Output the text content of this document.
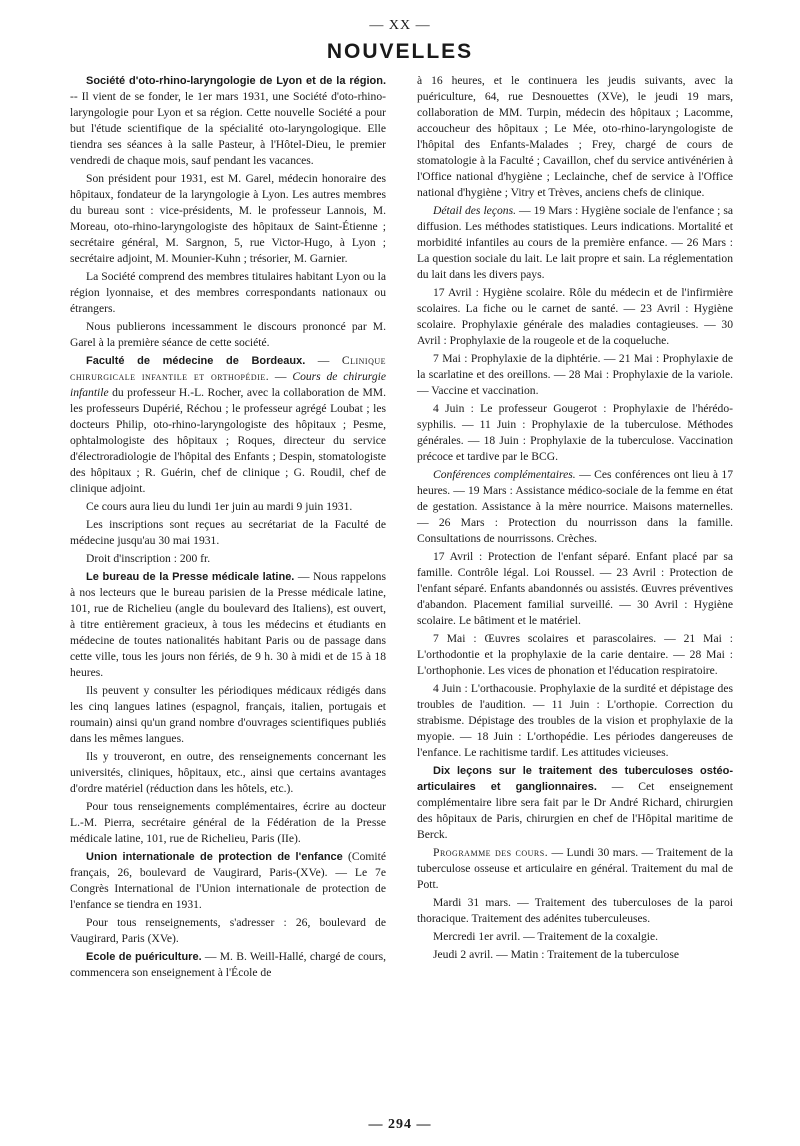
— XX —
NOUVELLES

Société d'oto-rhino-laryngologie de Lyon et de la région. -- Il vient de se fonder, le 1er mars 1931, une Société d'oto-rhino-laryngologie pour Lyon et sa région. Cette nouvelle Société a pour but l'étude scientifique de la spécialité oto-laryngologique. Elle tiendra ses séances à la salle Pasteur, à l'Hôtel-Dieu, le premier vendredi de chaque mois, sauf pendant les vacances.

Son président pour 1931, est M. Garel, médecin honoraire des hôpitaux, fondateur de la laryngologie à Lyon. Les autres membres du bureau sont : vice-présidents, M. le professeur Lannois, M. Moreau, oto-rhino-laryngologiste des hôpitaux de Saint-Étienne ; secrétaire général, M. Sargnon, 5, rue Victor-Hugo, à Lyon ; secrétaire adjoint, M. Mounier-Kuhn ; trésorier, M. Garnier.

La Société comprend des membres titulaires habitant Lyon ou la région lyonnaise, et des membres correspondants nationaux ou étrangers.

Nous publierons incessamment le discours prononcé par M. Garel à la première séance de cette société.

Faculté de médecine de Bordeaux. — Clinique chirurgicale infantile et orthopédie. — Cours de chirurgie infantile du professeur H.-L. Rocher, avec la collaboration de MM. les professeurs Dupérié, Réchou ; le professeur agrégé Loubat ; les docteurs Philip, oto-rhino-laryngologiste des hôpitaux ; Pesme, ophtalmologiste des hôpitaux ; Roques, directeur du service d'électroradiologie de l'hôpital des Enfants ; Despin, stomatologiste des hôpitaux ; R. Guérin, chef de clinique ; G. Roudil, chef de clinique adjoint.

Ce cours aura lieu du lundi 1er juin au mardi 9 juin 1931.

Les inscriptions sont reçues au secrétariat de la Faculté de médecine jusqu'au 30 mai 1931.

Droit d'inscription : 200 fr.

Le bureau de la Presse médicale latine. — Nous rappelons à nos lecteurs que le bureau parisien de la Presse médicale latine, 101, rue de Richelieu (angle du boulevard des Italiens), est ouvert, à titre entièrement gracieux, à tous les médecins et étudiants en médecine de toutes nationalités habitant Paris ou de passage dans cette ville, tous les jours non fériés, de 9 h. 30 à midi et de 15 à 18 heures.

Ils peuvent y consulter les périodiques médicaux rédigés dans les cinq langues latines (espagnol, français, italien, portugais et roumain) ainsi qu'un grand nombre d'ouvrages scientifiques publiés dans les mêmes langues.

Ils y trouveront, en outre, des renseignements concernant les universités, cliniques, hôpitaux, etc., ainsi que certains avantages d'ordre matériel (réduction dans les hôtels, etc.).

Pour tous renseignements complémentaires, écrire au docteur L.-M. Pierra, secrétaire général de la Fédération de la Presse médicale latine, 101, rue de Richelieu, Paris (IIe).

Union internationale de protection de l'enfance (Comité français, 26, boulevard de Vaugirard, Paris-(XVe). — Le 7e Congrès International de l'Union internationale de protection de l'enfance se tiendra en 1931.

Pour tous renseignements, s'adresser : 26, boulevard de Vaugirard, Paris (XVe).

Ecole de puériculture. — M. B. Weill-Hallé, chargé de cours, commencera son enseignement à l'École de

à 16 heures, et le continuera les jeudis suivants, avec la puériculture, 64, rue Desnouettes (XVe), le jeudi 19 mars, collaboration de MM. Turpin, médecin des hôpitaux ; Lacomme, accoucheur des hôpitaux ; Le Mée, oto-rhino-laryngologiste de l'hôpital des Enfants-Malades ; Frey, chargé de cours de stomatologie à la Faculté ; Cavaillon, chef du service antivénérien à l'Office national d'hygiène ; Leclainche, chef de service à l'Office national d'hygiène ; Vitry et Trèves, anciens chefs de clinique.

Détail des leçons. — 19 Mars : Hygiène sociale de l'enfance ; sa diffusion. Les méthodes statistiques. Leurs indications. Mortalité et morbidité infantiles au cours de la première enfance. — 26 Mars : La question sociale du lait. Le lait propre et sain. La réglementation du lait dans les divers pays.

17 Avril : Hygiène scolaire. Rôle du médecin et de l'infirmière scolaires. La fiche ou le carnet de santé. — 23 Avril : Hygiène scolaire. Prophylaxie générale des maladies contagieuses. — 30 Avril : Prophylaxie de la rougeole et de la coqueluche.

7 Mai : Prophylaxie de la diphtérie. — 21 Mai : Prophylaxie de la scarlatine et des oreillons. — 28 Mai : Prophylaxie de la variole. — Vaccine et vaccination.

4 Juin : Le professeur Gougerot : Prophylaxie de l'hérédo-syphilis. — 11 Juin : Prophylaxie de la tuberculose. Méthodes générales. — 18 Juin : Prophylaxie de la tuberculose. Vaccination précoce et tardive par le BCG.

Conférences complémentaires. — Ces conférences ont lieu à 17 heures. — 19 Mars : Assistance médico-sociale de la femme en état de gestation. Assistance à la mère nourrice. Maisons maternelles. — 26 Mars : Protection du nourrisson dans la famille. Consultations de nourrissons. Crèches.

17 Avril : Protection de l'enfant séparé. Enfant placé par sa famille. Contrôle légal. Loi Roussel. — 23 Avril : Protection de l'enfant séparé. Enfants abandonnés ou assistés. Œuvres préventives d'abandon. Placement familial surveillé. — 30 Avril : Hygiène scolaire. Le bâtiment et le matériel.

7 Mai : Œuvres scolaires et parascolaires. — 21 Mai : L'orthodontie et la prophylaxie de la carie dentaire. — 28 Mai : L'orthophonie. Les vices de phonation et l'éducation respiratoire.

4 Juin : L'orthacousie. Prophylaxie de la surdité et dépistage des troubles de l'audition. — 11 Juin : L'orthopie. Correction du strabisme. Dépistage des troubles de la vision et prophylaxie de la myopie. — 18 Juin : L'orthopédie. Les périodes dangereuses de l'enfance. Le rachitisme tardif. Les attitudes vicieuses.

Dix leçons sur le traitement des tuberculoses ostéo-articulaires et ganglionnaires. — Cet enseignement complémentaire libre sera fait par le Dr André Richard, chirurgien des hôpitaux de Paris, chirurgien en chef de l'Hôpital maritime de Berck.

Programme des cours. — Lundi 30 mars. — Traitement de la tuberculose osseuse et articulaire en général. Traitement du mal de Pott.

Mardi 31 mars. — Traitement des tuberculoses de la paroi thoracique. Traitement des adénites tuberculeuses.

Mercredi 1er avril. — Traitement de la coxalgie.

Jeudi 2 avril. — Matin : Traitement de la tuberculose

— 294 —
